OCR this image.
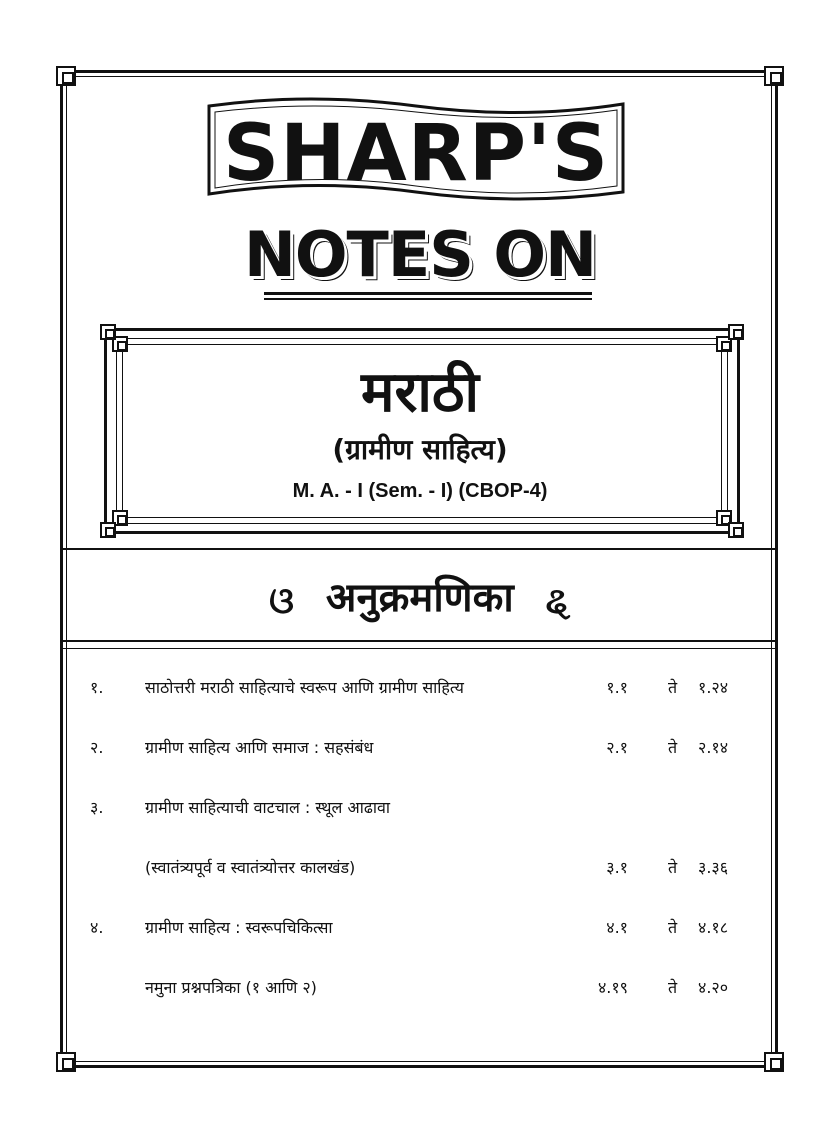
SHARP'S
NOTES ON
मराठी
(ग्रामीण साहित्य)
M. A. - I (Sem. - I) (CBOP-4)
ଓ अनुक्रमणिका ୡ
१.	साठोत्तरी मराठी साहित्याचे स्वरूप आणि ग्रामीण साहित्य	१.१	ते १.२४
२.	ग्रामीण साहित्य आणि समाज : सहसंबंध	२.१	ते २.१४
३.	ग्रामीण साहित्याची वाटचाल : स्थूल आढावा
(स्वातंत्र्यपूर्व व स्वातंत्र्योत्तर कालखंड)	३.१	ते ३.३६
४.	ग्रामीण साहित्य : स्वरूपचिकित्सा	४.१	ते ४.१८
नमुना प्रश्नपत्रिका (१ आणि २)	४.१९	ते ४.२०
